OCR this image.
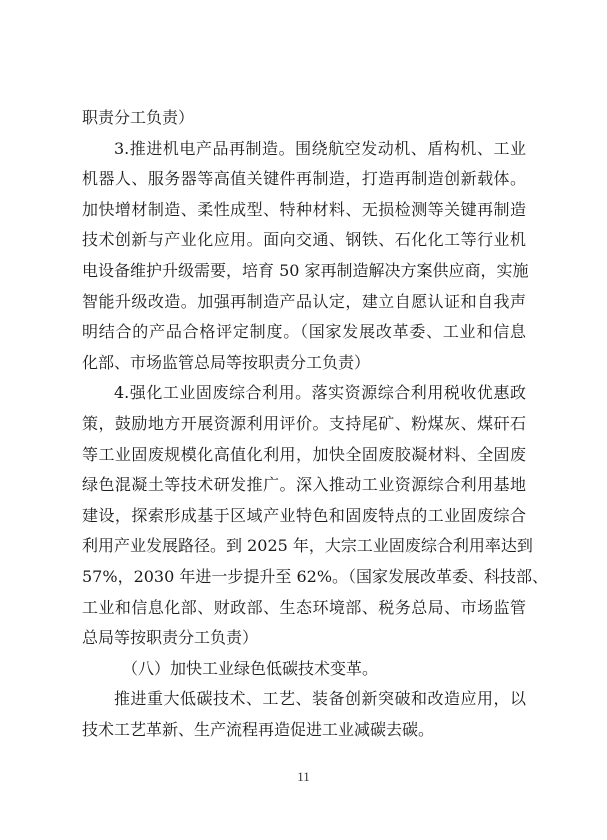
职责分工负责）
3.推进机电产品再制造。围绕航空发动机、盾构机、工业
机器人、服务器等高值关键件再制造，打造再制造创新载体。
加快增材制造、柔性成型、特种材料、无损检测等关键再制造
技术创新与产业化应用。面向交通、钢铁、石化化工等行业机
电设备维护升级需要，培育 50 家再制造解决方案供应商，实施
智能升级改造。加强再制造产品认定，建立自愿认证和自我声
明结合的产品合格评定制度。（国家发展改革委、工业和信息
化部、市场监管总局等按职责分工负责）
4.强化工业固废综合利用。落实资源综合利用税收优惠政
策，鼓励地方开展资源利用评价。支持尾矿、粉煤灰、煤矸石
等工业固废规模化高值化利用，加快全固废胶凝材料、全固废
绿色混凝土等技术研发推广。深入推动工业资源综合利用基地
建设，探索形成基于区域产业特色和固废特点的工业固废综合
利用产业发展路径。到 2025 年，大宗工业固废综合利用率达到
57%，2030 年进一步提升至 62%。（国家发展改革委、科技部、
工业和信息化部、财政部、生态环境部、税务总局、市场监管
总局等按职责分工负责）
（八）加快工业绿色低碳技术变革。
推进重大低碳技术、工艺、装备创新突破和改造应用，以
技术工艺革新、生产流程再造促进工业减碳去碳。
11
